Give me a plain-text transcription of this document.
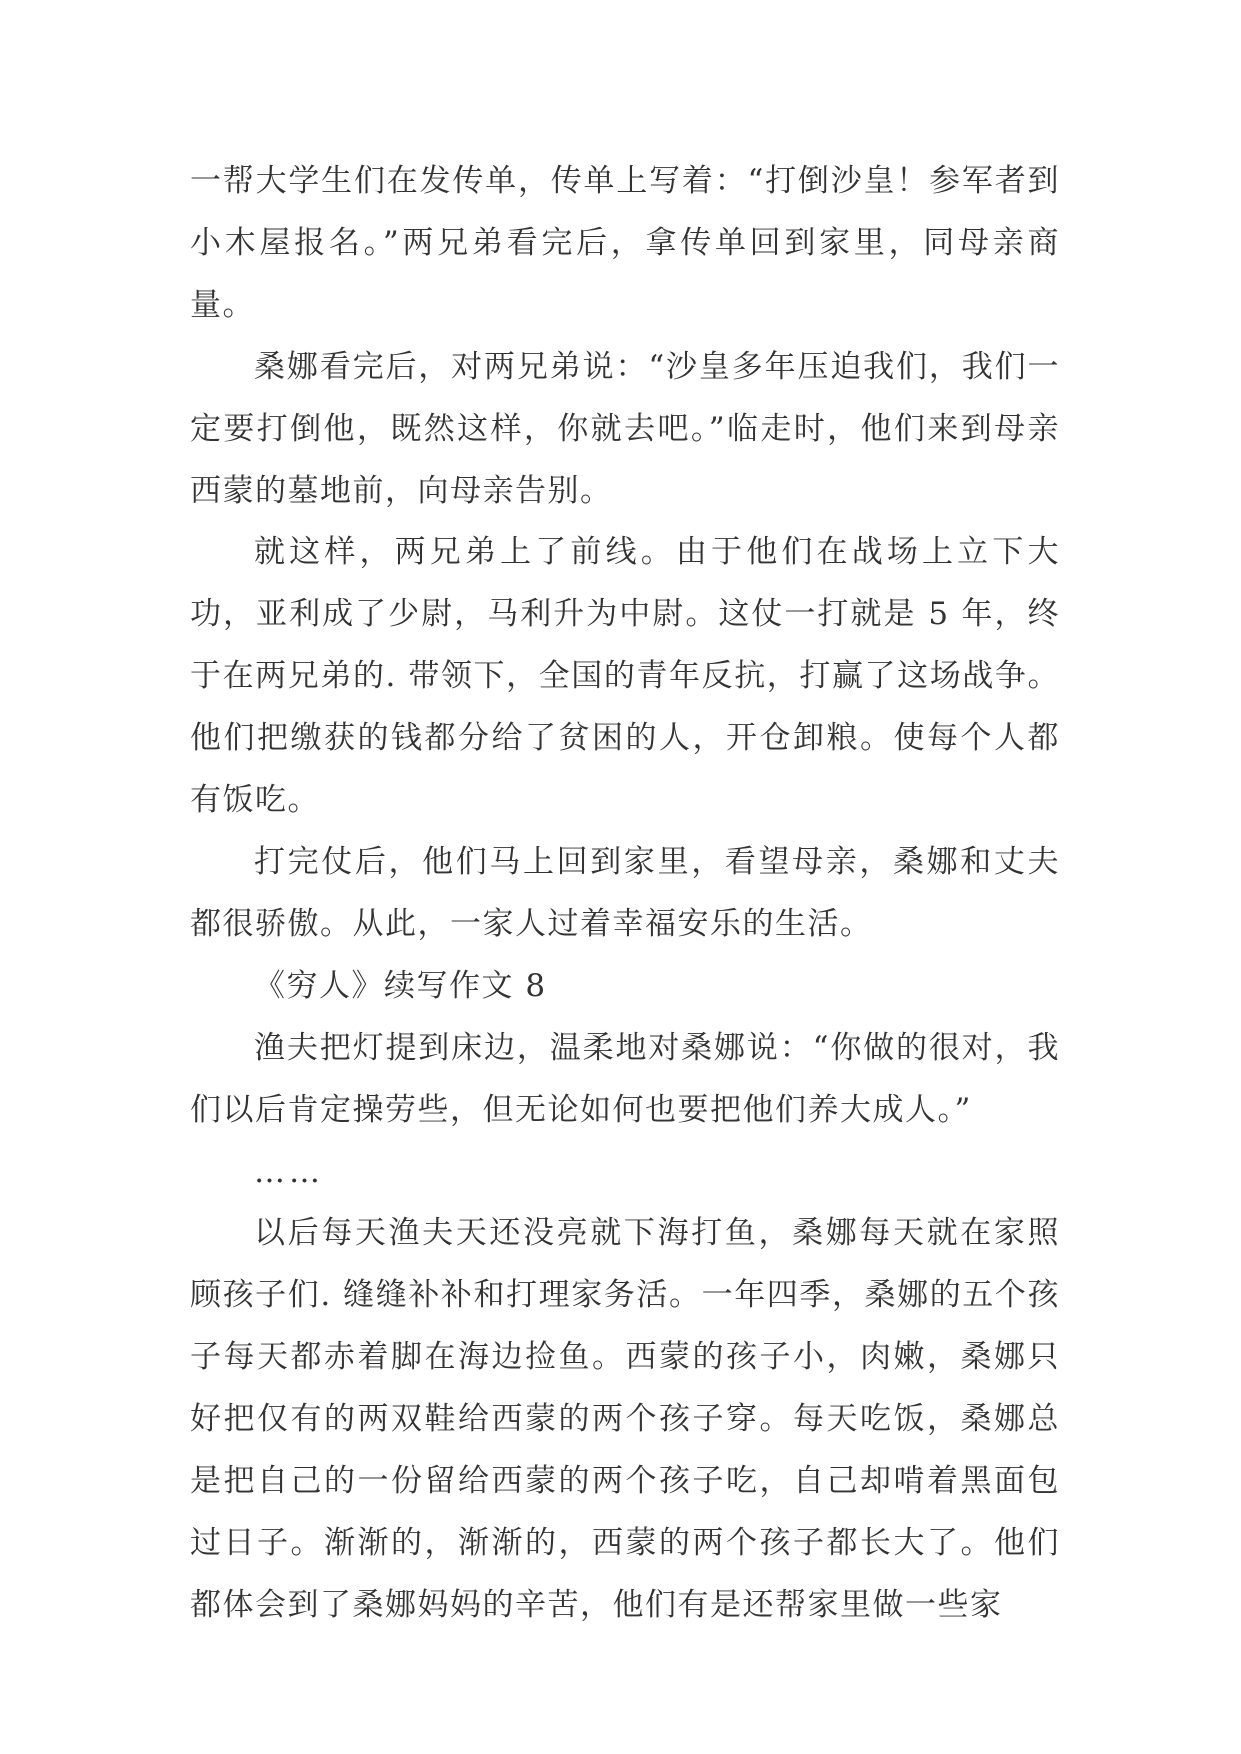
一帮大学生们在发传单，传单上写着：“打倒沙皇！参军者到小木屋报名。”两兄弟看完后，拿传单回到家里，同母亲商量。

桑娜看完后，对两兄弟说：“沙皇多年压迫我们，我们一定要打倒他，既然这样，你就去吧。”临走时，他们来到母亲西蒙的墓地前，向母亲告别。

就这样，两兄弟上了前线。由于他们在战场上立下大功，亚利成了少尉，马利升为中尉。这仗一打就是 5 年，终于在两兄弟的. 带领下，全国的青年反抗，打赢了这场战争。他们把缴获的钱都分给了贫困的人，开仓卸粮。使每个人都有饭吃。

打完仗后，他们马上回到家里，看望母亲，桑娜和丈夫都很骄傲。从此，一家人过着幸福安乐的生活。

《穷人》续写作文 8

渔夫把灯提到床边，温柔地对桑娜说：“你做的很对，我们以后肯定操劳些，但无论如何也要把他们养大成人。”

……

以后每天渔夫天还没亮就下海打鱼，桑娜每天就在家照顾孩子们. 缝缝补补和打理家务活。一年四季，桑娜的五个孩子每天都赤着脚在海边捡鱼。西蒙的孩子小，肉嫩，桑娜只好把仅有的两双鞋给西蒙的两个孩子穿。每天吃饭，桑娜总是把自己的一份留给西蒙的两个孩子吃，自己却啃着黑面包过日子。渐渐的，渐渐的，西蒙的两个孩子都长大了。他们都体会到了桑娜妈妈的辛苦，他们有是还帮家里做一些家
